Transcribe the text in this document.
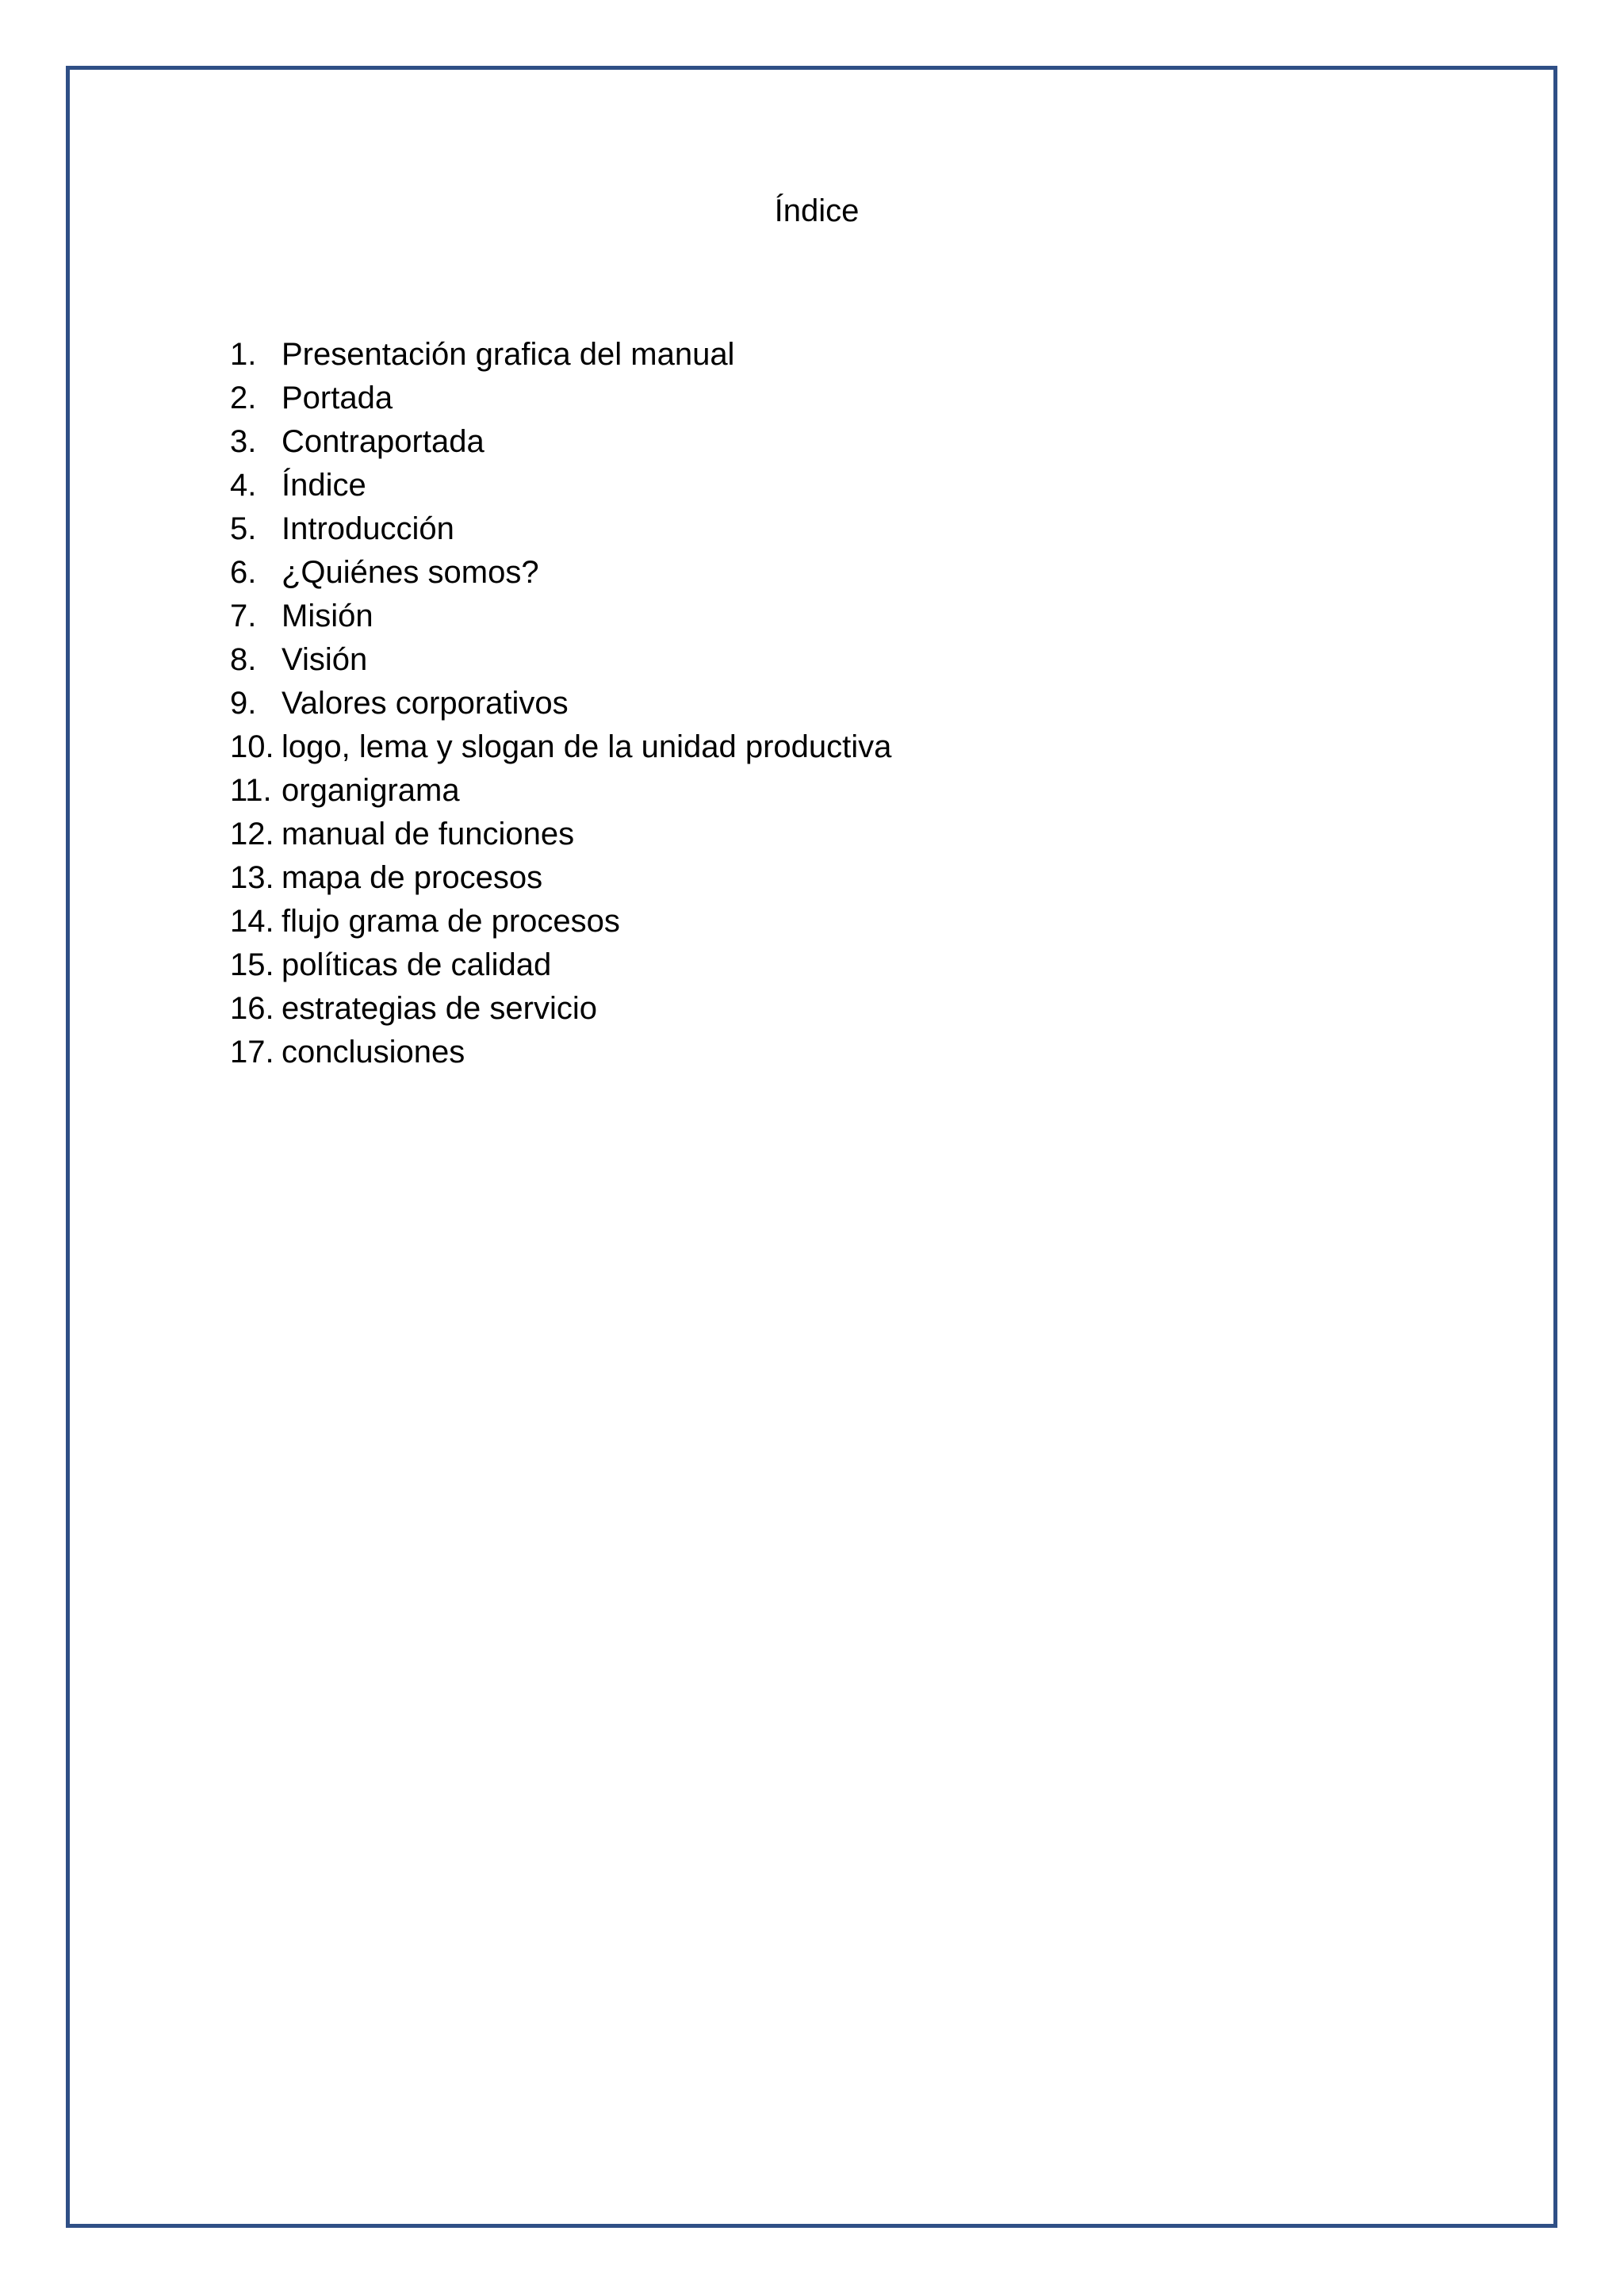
Índice
1. Presentación grafica del manual
2. Portada
3. Contraportada
4. Índice
5. Introducción
6. ¿Quiénes somos?
7. Misión
8. Visión
9. Valores corporativos
10. logo, lema y slogan de la unidad productiva
11. organigrama
12. manual de funciones
13. mapa de procesos
14. flujo grama de procesos
15. políticas de calidad
16. estrategias de servicio
17. conclusiones
